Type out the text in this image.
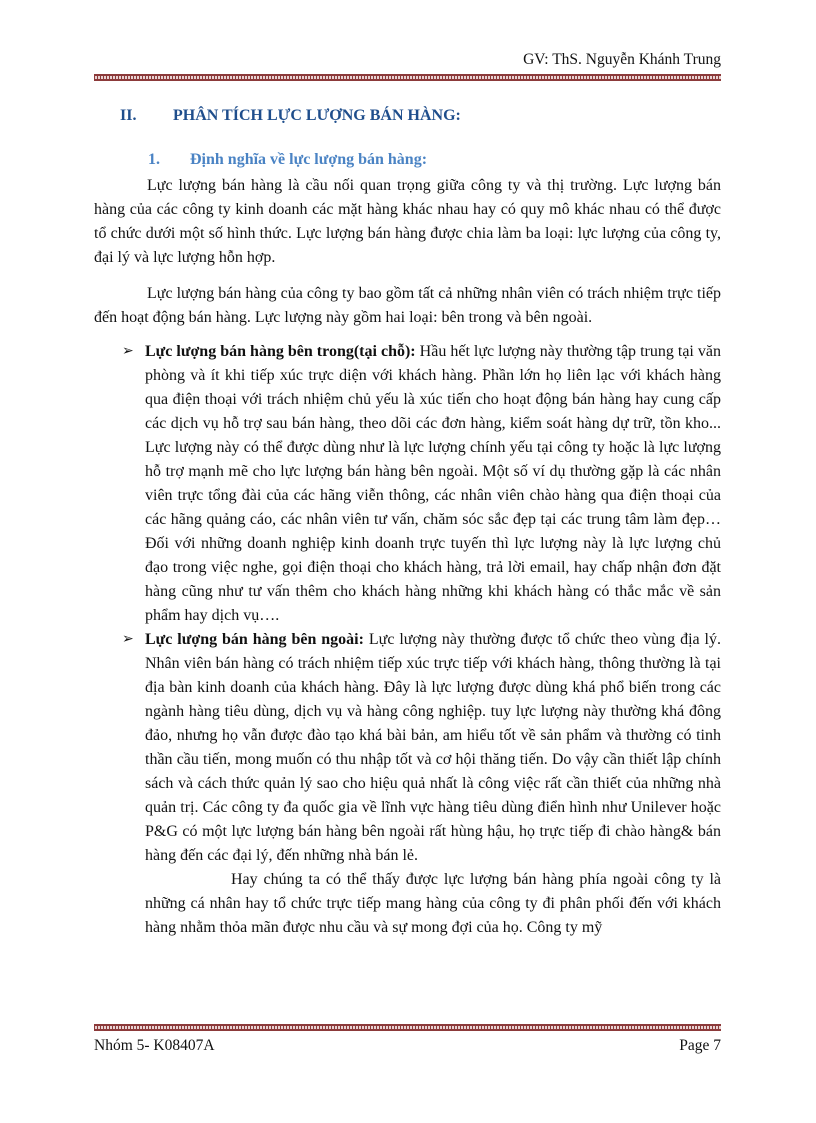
GV: ThS. Nguyễn Khánh Trung
II. PHÂN TÍCH LỰC LƯỢNG BÁN HÀNG:
1. Định nghĩa về lực lượng bán hàng:

Lực lượng bán hàng là cầu nối quan trọng giữa công ty và thị trường. Lực lượng bán hàng của các công ty kinh doanh các mặt hàng khác nhau hay có quy mô khác nhau có thể được tổ chức dưới một số hình thức. Lực lượng bán hàng được chia làm ba loại: lực lượng của công ty, đại lý và lực lượng hỗn hợp.

Lực lượng bán hàng của công ty bao gồm tất cả những nhân viên có trách nhiệm trực tiếp đến hoạt động bán hàng. Lực lượng này gồm hai loại: bên trong và bên ngoài.

➢ Lực lượng bán hàng bên trong(tại chỗ): Hầu hết lực lượng này thường tập trung tại văn phòng và ít khi tiếp xúc trực diện với khách hàng. Phần lớn họ liên lạc với khách hàng qua điện thoại với trách nhiệm chủ yếu là xúc tiến cho hoạt động bán hàng hay cung cấp các dịch vụ hỗ trợ sau bán hàng, theo dõi các đơn hàng, kiểm soát hàng dự trữ, tồn kho... Lực lượng này có thể được dùng như là lực lượng chính yếu tại công ty hoặc là lực lượng hỗ trợ mạnh mẽ cho lực lượng bán hàng bên ngoài. Một số ví dụ thường gặp là các nhân viên trực tổng đài của các hãng viễn thông, các nhân viên chào hàng qua điện thoại của các hãng quảng cáo, các nhân viên tư vấn, chăm sóc sắc đẹp tại các trung tâm làm đẹp… Đối với những doanh nghiệp kinh doanh trực tuyến thì lực lượng này là lực lượng chủ đạo trong việc nghe, gọi điện thoại cho khách hàng, trả lời email, hay chấp nhận đơn đặt hàng cũng như tư vấn thêm cho khách hàng những khi khách hàng có thắc mắc về sản phẩm hay dịch vụ….
➢ Lực lượng bán hàng bên ngoài: Lực lượng này thường được tổ chức theo vùng địa lý. Nhân viên bán hàng có trách nhiệm tiếp xúc trực tiếp với khách hàng, thông thường là tại địa bàn kinh doanh của khách hàng. Đây là lực lượng được dùng khá phổ biến trong các ngành hàng tiêu dùng, dịch vụ và hàng công nghiệp. tuy lực lượng này thường khá đông đảo, nhưng họ vẫn được đào tạo khá bài bản, am hiểu tốt về sản phẩm và thường có tinh thần cầu tiến, mong muốn có thu nhập tốt và cơ hội thăng tiến. Do vậy cần thiết lập chính sách và cách thức quản lý sao cho hiệu quả nhất là công việc rất cần thiết của những nhà quản trị. Các công ty đa quốc gia về lĩnh vực hàng tiêu dùng điển hình như Unilever hoặc P&G có một lực lượng bán hàng bên ngoài rất hùng hậu, họ trực tiếp đi chào hàng& bán hàng đến các đại lý, đến những nhà bán lẻ.

Hay chúng ta có thể thấy được lực lượng bán hàng phía ngoài công ty là những cá nhân hay tổ chức trực tiếp mang hàng của công ty đi phân phối đến với khách hàng nhằm thỏa mãn được nhu cầu và sự mong đợi của họ. Công ty mỹ

Nhóm 5- K08407A	Page 7
